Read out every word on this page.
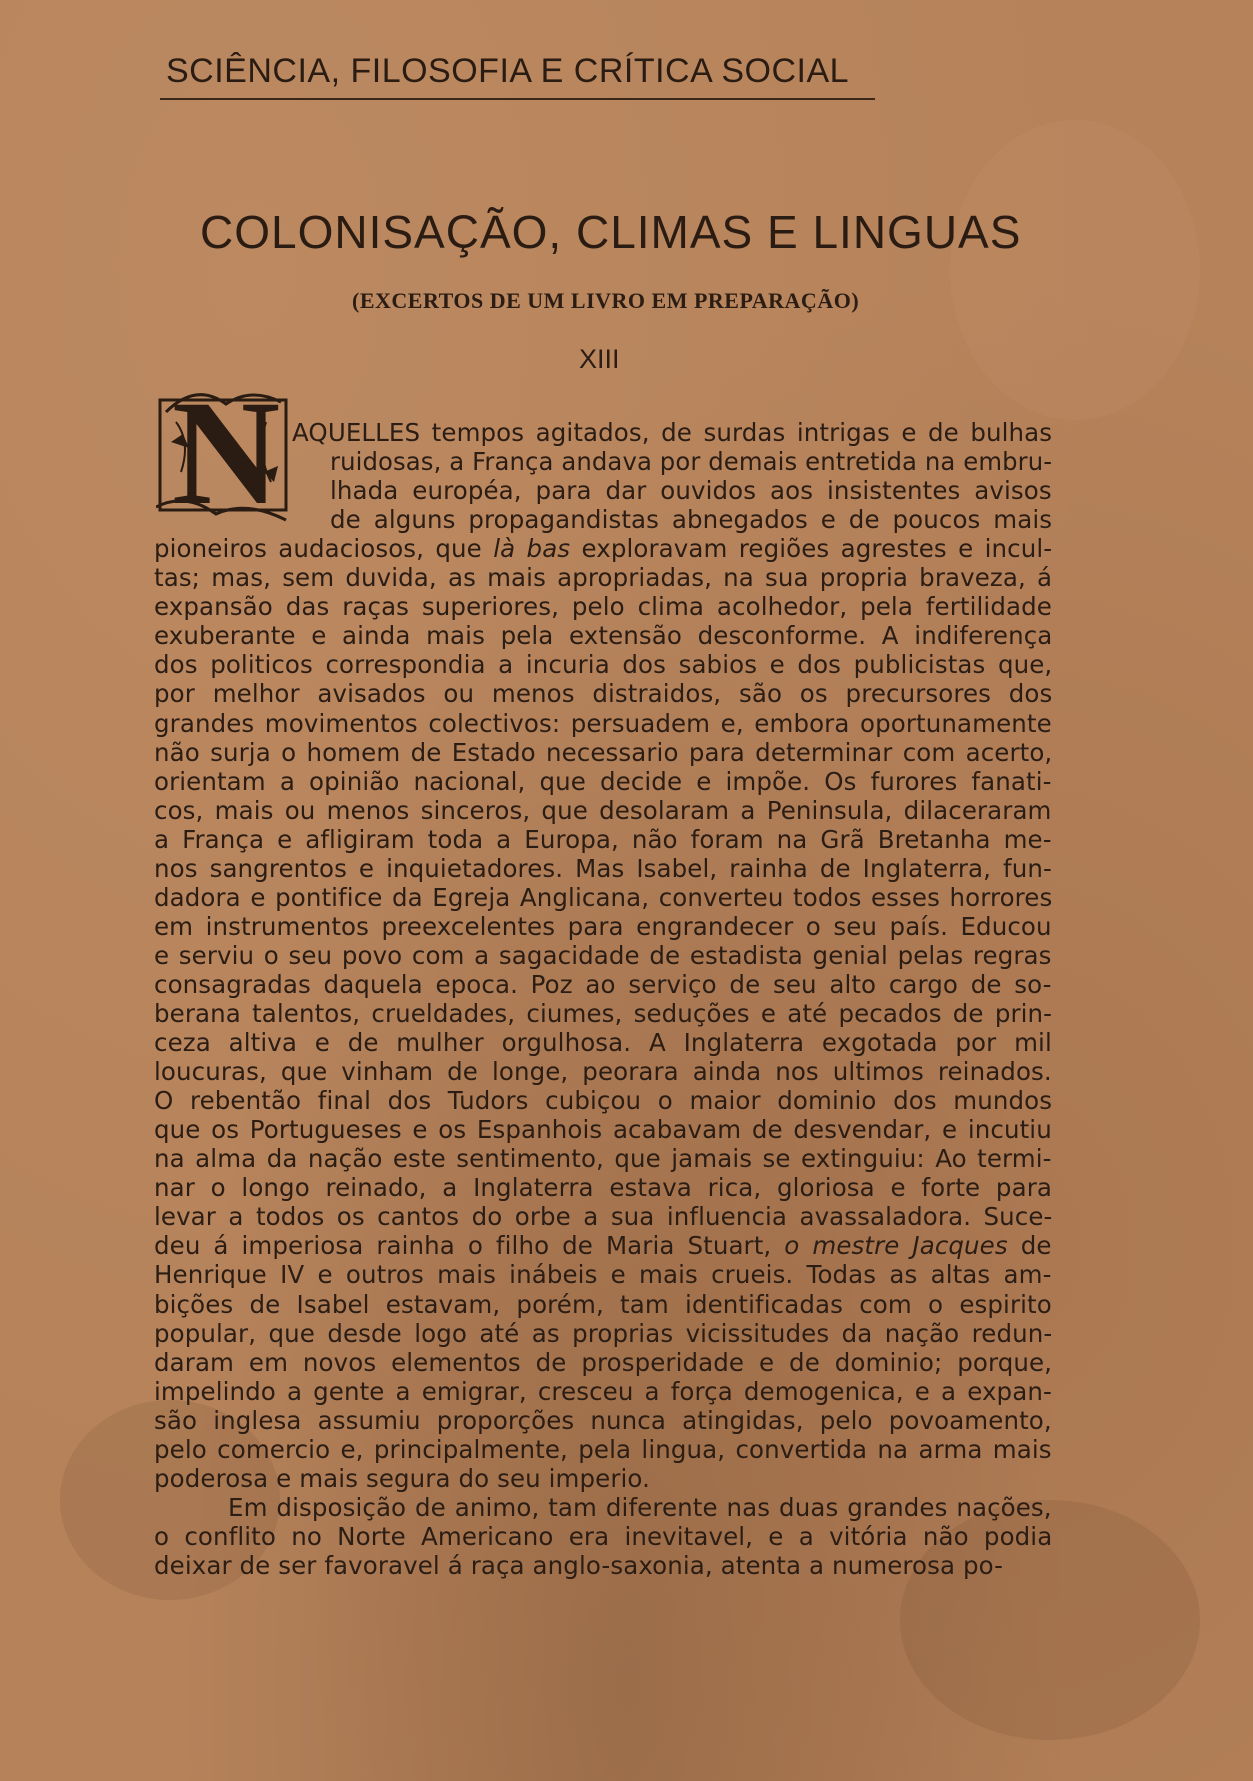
SCIÊNCIA, FILOSOFIA E CRÍTICA SOCIAL
COLONISAÇÃO, CLIMAS E LINGUAS
(EXCERTOS DE UM LIVRO EM PREPARAÇÃO)
XIII
N AQUELLES tempos agitados, de surdas intrigas e de bulhas
ruidosas, a França andava por demais entretida na embru-
lhada européa, para dar ouvidos aos insistentes avisos
de alguns propagandistas abnegados e de poucos mais
pioneiros audaciosos, que là bas exploravam regiões agrestes e incul-
tas; mas, sem duvida, as mais apropriadas, na sua propria braveza, á
expansão das raças superiores, pelo clima acolhedor, pela fertilidade
exuberante e ainda mais pela extensão desconforme. A indiferença
dos politicos correspondia a incuria dos sabios e dos publicistas que,
por melhor avisados ou menos distraidos, são os precursores dos
grandes movimentos colectivos: persuadem e, embora oportunamente
não surja o homem de Estado necessario para determinar com acerto,
orientam a opinião nacional, que decide e impõe. Os furores fanati-
cos, mais ou menos sinceros, que desolaram a Peninsula, dilaceraram
a França e afligiram toda a Europa, não foram na Grã Bretanha me-
nos sangrentos e inquietadores. Mas Isabel, rainha de Inglaterra, fun-
dadora e pontifice da Egreja Anglicana, converteu todos esses horrores
em instrumentos preexcelentes para engrandecer o seu país. Educou
e serviu o seu povo com a sagacidade de estadista genial pelas regras
consagradas daquela epoca. Poz ao serviço de seu alto cargo de so-
berana talentos, crueldades, ciumes, seduções e até pecados de prin-
ceza altiva e de mulher orgulhosa. A Inglaterra exgotada por mil
loucuras, que vinham de longe, peorara ainda nos ultimos reinados.
O rebentão final dos Tudors cubiçou o maior dominio dos mundos
que os Portugueses e os Espanhois acabavam de desvendar, e incutiu
na alma da nação este sentimento, que jamais se extinguiu: Ao termi-
nar o longo reinado, a Inglaterra estava rica, gloriosa e forte para
levar a todos os cantos do orbe a sua influencia avassaladora. Suce-
deu á imperiosa rainha o filho de Maria Stuart, o mestre Jacques de
Henrique IV e outros mais inábeis e mais crueis. Todas as altas am-
bições de Isabel estavam, porém, tam identificadas com o espirito
popular, que desde logo até as proprias vicissitudes da nação redun-
daram em novos elementos de prosperidade e de dominio; porque,
impelindo a gente a emigrar, cresceu a força demogenica, e a expan-
são inglesa assumiu proporções nunca atingidas, pelo povoamento,
pelo comercio e, principalmente, pela lingua, convertida na arma mais
poderosa e mais segura do seu imperio.
Em disposição de animo, tam diferente nas duas grandes nações,
o conflito no Norte Americano era inevitavel, e a vitória não podia
deixar de ser favoravel á raça anglo-saxonia, atenta a numerosa po-
